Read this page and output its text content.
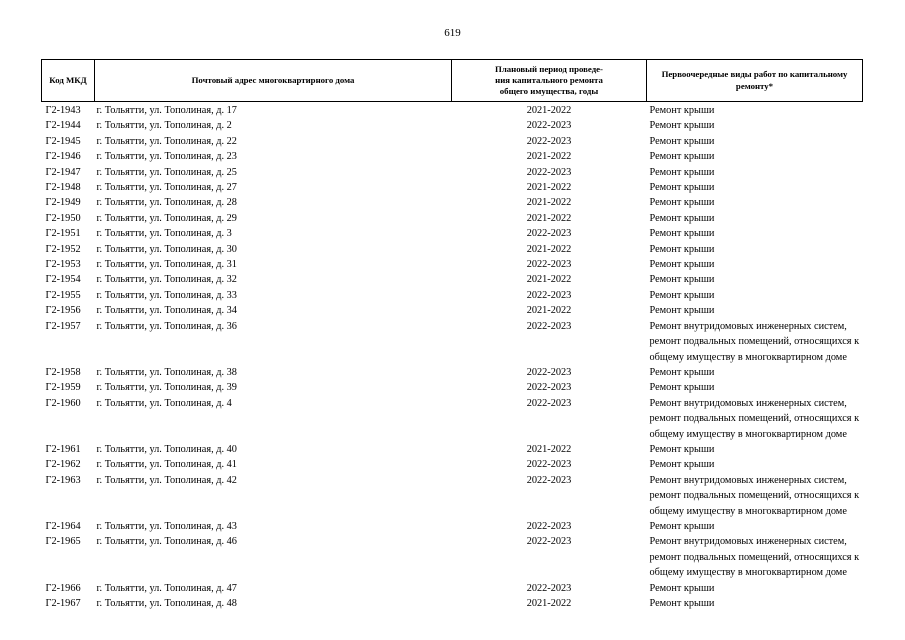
619
Код МКД	Почтовый адрес многоквартирного дома	Плановый период проведе-
ния капитального ремонта
общего имущества, годы	Первоочередные виды работ по капитальному
ремонту*

Г2-1943	г. Тольятти, ул. Тополиная, д. 17	2021-2022	Ремонт крыши

Г2-1944	г. Тольятти, ул. Тополиная, д. 2	2022-2023	Ремонт крыши

Г2-1945	г. Тольятти, ул. Тополиная, д. 22	2022-2023	Ремонт крыши

Г2-1946	г. Тольятти, ул. Тополиная, д. 23	2021-2022	Ремонт крыши

Г2-1947	г. Тольятти, ул. Тополиная, д. 25	2022-2023	Ремонт крыши

Г2-1948	г. Тольятти, ул. Тополиная, д. 27	2021-2022	Ремонт крыши

Г2-1949	г. Тольятти, ул. Тополиная, д. 28	2021-2022	Ремонт крыши

Г2-1950	г. Тольятти, ул. Тополиная, д. 29	2021-2022	Ремонт крыши

Г2-1951	г. Тольятти, ул. Тополиная, д. 3	2022-2023	Ремонт крыши

Г2-1952	г. Тольятти, ул. Тополиная, д. 30	2021-2022	Ремонт крыши

Г2-1953	г. Тольятти, ул. Тополиная, д. 31	2022-2023	Ремонт крыши

Г2-1954	г. Тольятти, ул. Тополиная, д. 32	2021-2022	Ремонт крыши

Г2-1955	г. Тольятти, ул. Тополиная, д. 33	2022-2023	Ремонт крыши

Г2-1956	г. Тольятти, ул. Тополиная, д. 34	2021-2022	Ремонт крыши

Г2-1957	г. Тольятти, ул. Тополиная, д. 36	2022-2023	Ремонт внутридомовых инженерных систем,
ремонт подвальных помещений, относящихся к
общему имуществу в многоквартирном доме

Г2-1958	г. Тольятти, ул. Тополиная, д. 38	2022-2023	Ремонт крыши

Г2-1959	г. Тольятти, ул. Тополиная, д. 39	2022-2023	Ремонт крыши

Г2-1960	г. Тольятти, ул. Тополиная, д. 4	2022-2023	Ремонт внутридомовых инженерных систем,
ремонт подвальных помещений, относящихся к
общему имуществу в многоквартирном доме

Г2-1961	г. Тольятти, ул. Тополиная, д. 40	2021-2022	Ремонт крыши

Г2-1962	г. Тольятти, ул. Тополиная, д. 41	2022-2023	Ремонт крыши

Г2-1963	г. Тольятти, ул. Тополиная, д. 42	2022-2023	Ремонт внутридомовых инженерных систем,
ремонт подвальных помещений, относящихся к
общему имуществу в многоквартирном доме

Г2-1964	г. Тольятти, ул. Тополиная, д. 43	2022-2023	Ремонт крыши

Г2-1965	г. Тольятти, ул. Тополиная, д. 46	2022-2023	Ремонт внутридомовых инженерных систем,
ремонт подвальных помещений, относящихся к
общему имуществу в многоквартирном доме

Г2-1966	г. Тольятти, ул. Тополиная, д. 47	2022-2023	Ремонт крыши

Г2-1967	г. Тольятти, ул. Тополиная, д. 48	2021-2022	Ремонт крыши
